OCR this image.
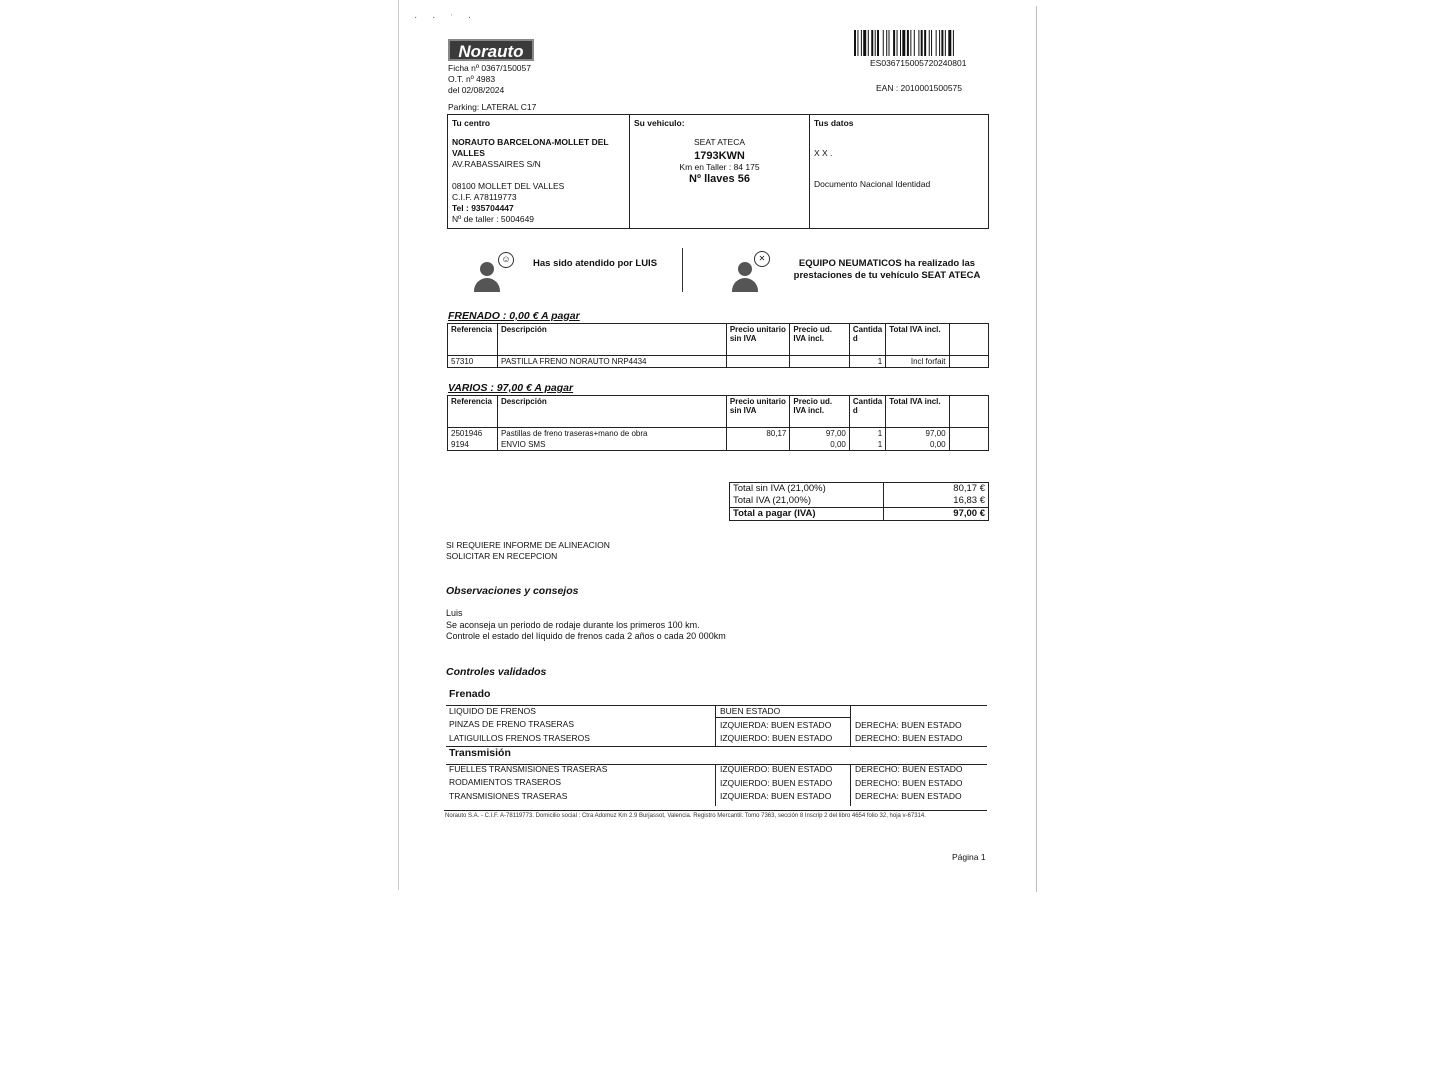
· · ˑ ·
Norauto
Ficha nº 0367/150057
O.T. nº 4983
del 02/08/2024
ES036715005720240801
EAN : 2010001500575
Parking: LATERAL C17
Tu centro
NORAUTO BARCELONA-MOLLET DEL VALLES
AV.RABASSAIRES S/N
08100 MOLLET DEL VALLES
C.I.F. A78119773
Tel : 935704447
Nº de taller : 5004649
Su vehiculo:
SEAT ATECA
1793KWN
Km en Taller : 84 175
Nº llaves 56
Tus datos
X X .
Documento Nacional Identidad
☺	Has sido atendido por LUIS	✕	EQUIPO NEUMATICOS ha realizado las
prestaciones de tu vehículo SEAT ATECA
FRENADO : 0,00 € A pagar
Referencia	Descripción	Precio unitario sin IVA	Precio ud. IVA incl.	Cantida d	Total IVA incl.	
57310	PASTILLA FRENO NORAUTO NRP4434			1	Incl forfait	
VARIOS : 97,00 € A pagar
Referencia	Descripción	Precio unitario sin IVA	Precio ud. IVA incl.	Cantida d	Total IVA incl.	
2501946	Pastillas de freno traseras+mano de obra	80,17	97,00	1	97,00	
9194	ENVIO SMS		0,00	1	0,00	
Total sin IVA (21,00%)	80,17 €
Total IVA (21,00%)	16,83 €
Total a pagar (IVA)	97,00 €
SI REQUIERE INFORME DE ALINEACION
SOLICITAR EN RECEPCION
Observaciones y consejos
Luis
Se aconseja un periodo de rodaje durante los primeros 100 km.
Controle el estado del líquido de frenos cada 2 años o cada 20 000km
Controles validados
Frenado
LIQUIDO DE FRENOS	BUEN ESTADO
PINZAS DE FRENO TRASERAS	IZQUIERDA: BUEN ESTADO	DERECHA: BUEN ESTADO
LATIGUILLOS FRENOS TRASEROS	IZQUIERDO: BUEN ESTADO	DERECHO: BUEN ESTADO
Transmisión
FUELLES TRANSMISIONES TRASERAS	IZQUIERDO: BUEN ESTADO	DERECHO: BUEN ESTADO
RODAMIENTOS TRASEROS	IZQUIERDO: BUEN ESTADO	DERECHO: BUEN ESTADO
TRANSMISIONES TRASERAS	IZQUIERDA: BUEN ESTADO	DERECHA: BUEN ESTADO
Norauto S.A. - C.I.F. A-78119773. Domicilio social : Ctra Adomuz Km 2.9 Burjassot, Valencia. Registro Mercantil. Tomo 7363, sección 8 Inscrip 2 del libro 4654 folio 32, hoja v-67314.
Página 1
